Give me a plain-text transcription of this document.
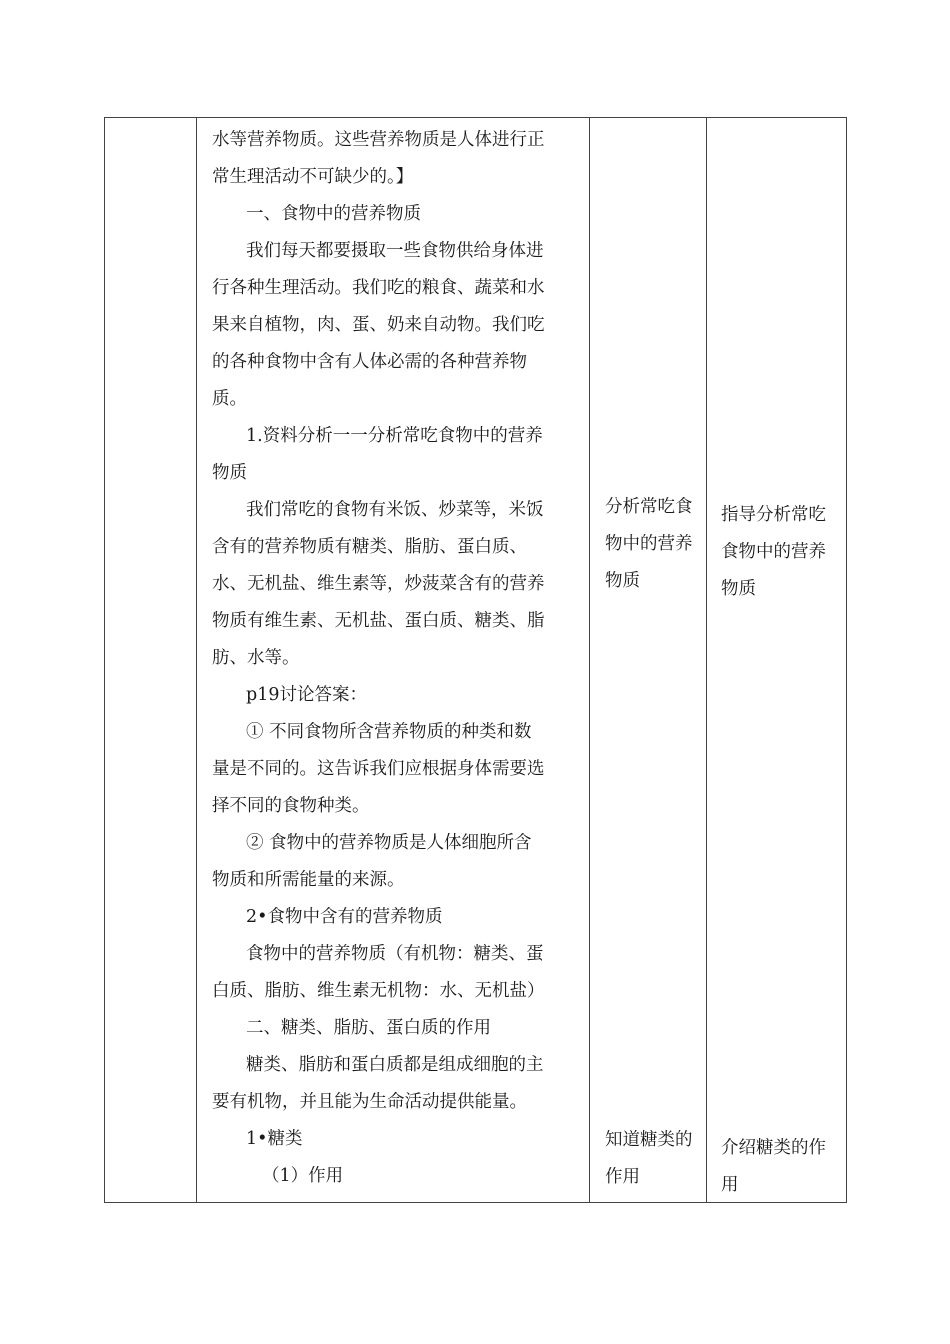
水等营养物质。这些营养物质是人体进行正

常生理活动不可缺少的。】

一、食物中的营养物质

我们每天都要摄取一些食物供给身体进

行各种生理活动。我们吃的粮食、蔬菜和水

果来自植物，肉、蛋、奶来自动物。我们吃

的各种食物中含有人体必需的各种营养物

质。

1.资料分析一一分析常吃食物中的营养

物质

我们常吃的食物有米饭、炒菜等，米饭

含有的营养物质有糖类、脂肪、蛋白质、

水、无机盐、维生素等，炒菠菜含有的营养

物质有维生素、无机盐、蛋白质、糖类、脂

肪、水等。

p19讨论答案：

① 不同食物所含营养物质的种类和数

量是不同的。这告诉我们应根据身体需要选

择不同的食物种类。

② 食物中的营养物质是人体细胞所含

物质和所需能量的来源。

2•食物中含有的营养物质

食物中的营养物质（有机物：糖类、蛋

白质、脂肪、维生素无机物：水、无机盐）

二、糖类、脂肪、蛋白质的作用

糖类、脂肪和蛋白质都是组成细胞的主

要有机物，并且能为生命活动提供能量。

1•糖类

（1）作用

分析常吃食
物中的营养
物质
指导分析常吃
食物中的营养
物质
知道糖类的
作用
介绍糖类的作
用
